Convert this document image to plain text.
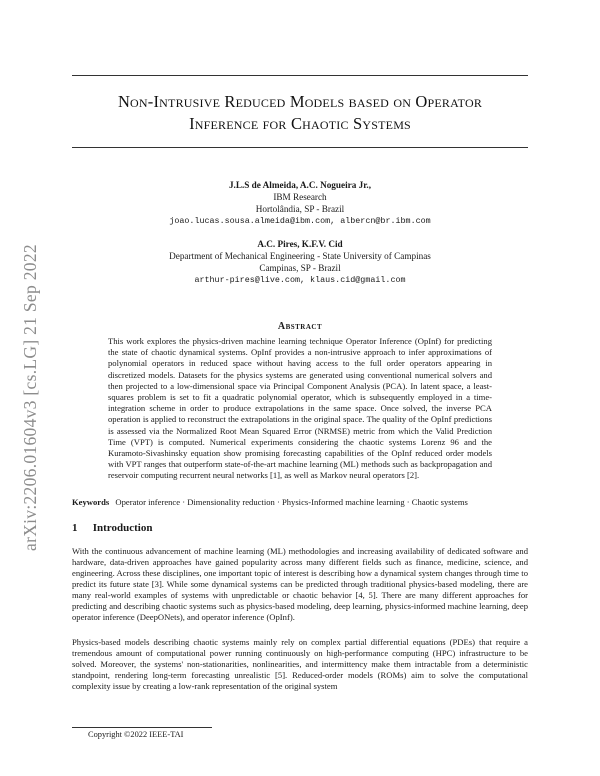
arXiv:2206.01604v3 [cs.LG] 21 Sep 2022
Non-Intrusive Reduced Models based on Operator
Inference for Chaotic Systems
J.L.S de Almeida, A.C. Nogueira Jr.,
IBM Research
Hortolândia, SP - Brazil
joao.lucas.sousa.almeida@ibm.com, albercn@br.ibm.com
A.C. Pires, K.F.V. Cid
Department of Mechanical Engineering - State University of Campinas
Campinas, SP - Brazil
arthur-pires@live.com, klaus.cid@gmail.com
Abstract
This work explores the physics-driven machine learning technique Operator Inference (OpInf) for predicting the state of chaotic dynamical systems. OpInf provides a non-intrusive approach to infer approximations of polynomial operators in reduced space without having access to the full order operators appearing in discretized models. Datasets for the physics systems are generated using conventional numerical solvers and then projected to a low-dimensional space via Principal Component Analysis (PCA). In latent space, a least-squares problem is set to fit a quadratic polynomial operator, which is subsequently employed in a time-integration scheme in order to produce extrapolations in the same space. Once solved, the inverse PCA operation is applied to reconstruct the extrapolations in the original space. The quality of the OpInf predictions is assessed via the Normalized Root Mean Squared Error (NRMSE) metric from which the Valid Prediction Time (VPT) is computed. Numerical experiments considering the chaotic systems Lorenz 96 and the Kuramoto-Sivashinsky equation show promising forecasting capabilities of the OpInf reduced order models with VPT ranges that outperform state-of-the-art machine learning (ML) methods such as backpropagation and reservoir computing recurrent neural networks [1], as well as Markov neural operators [2].
Keywords Operator inference · Dimensionality reduction · Physics-Informed machine learning · Chaotic systems
1 Introduction
With the continuous advancement of machine learning (ML) methodologies and increasing availability of dedicated software and hardware, data-driven approaches have gained popularity across many different fields such as finance, medicine, science, and engineering. Across these disciplines, one important topic of interest is describing how a dynamical system changes through time to predict its future state [3]. While some dynamical systems can be predicted through traditional physics-based modeling, there are many real-world examples of systems with unpredictable or chaotic behavior [4, 5]. There are many different approaches for predicting and describing chaotic systems such as physics-based modeling, deep learning, physics-informed machine learning, deep operator inference (DeepONets), and operator inference (OpInf).
Physics-based models describing chaotic systems mainly rely on complex partial differential equations (PDEs) that require a tremendous amount of computational power running continuously on high-performance computing (HPC) infrastructure to be solved. Moreover, the systems' non-stationarities, nonlinearities, and intermittency make them intractable from a deterministic standpoint, rendering long-term forecasting unrealistic [5]. Reduced-order models (ROMs) aim to solve the computational complexity issue by creating a low-rank representation of the original system
Copyright ©2022 IEEE-TAI
